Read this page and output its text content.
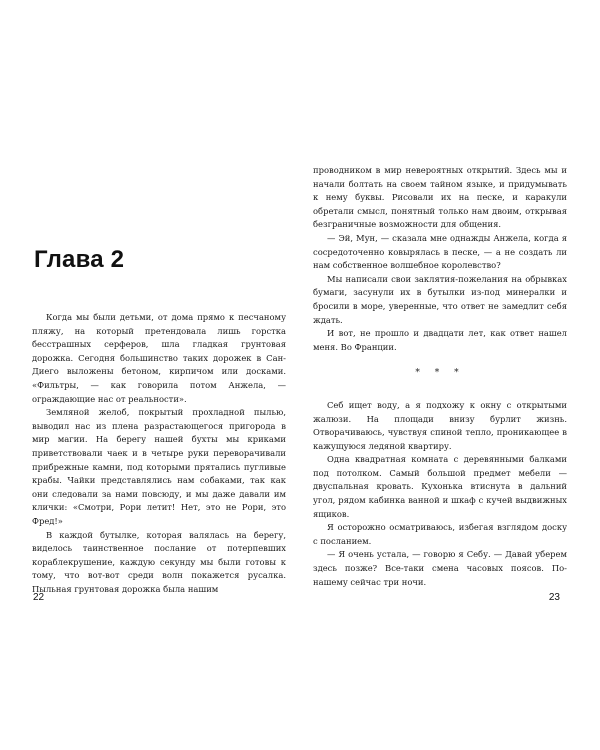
Глава 2

Когда мы были детьми, от дома прямо к песчаному пляжу, на который претендовала лишь горстка бесстрашных серферов, шла гладкая грунтовая дорожка. Сегодня большинство таких дорожек в Сан-Диего выложены бетоном, кирпичом или досками. «Фильтры, — как говорила потом Анжела, — ограждающие нас от реальности».

Земляной желоб, покрытый прохладной пылью, выводил нас из плена разрастающегося пригорода в мир магии. На берегу нашей бухты мы криками приветствовали чаек и в четыре руки переворачивали прибрежные камни, под которыми прятались пугливые крабы. Чайки представлялись нам собаками, так как они следовали за нами повсюду, и мы даже давали им клички: «Смотри, Рори летит! Нет, это не Рори, это Фред!»

В каждой бутылке, которая валялась на берегу, виделось таинственное послание от потерпевших кораблекрушение, каждую секунду мы были готовы к тому, что вот-вот среди волн покажется русалка. Пыльная грунтовая дорожка была нашим

22

проводником в мир невероятных открытий. Здесь мы и начали болтать на своем тайном языке, и придумывать к нему буквы. Рисовали их на песке, и каракули обретали смысл, понятный только нам двоим, открывая безграничные возможности для общения.

— Эй, Мун, — сказала мне однажды Анжела, когда я сосредоточенно ковырялась в песке, — а не создать ли нам собственное волшебное королевство?

Мы написали свои заклятия-пожелания на обрывках бумаги, засунули их в бутылки из-под минералки и бросили в море, уверенные, что ответ не замедлит себя ждать.

И вот, не прошло и двадцати лет, как ответ нашел меня. Во Франции.

* * *

Себ ищет воду, а я подхожу к окну с открытыми жалюзи. На площади внизу бурлит жизнь. Отворачиваюсь, чувствуя спиной тепло, проникающее в кажущуюся ледяной квартиру.

Одна квадратная комната с деревянными балками под потолком. Самый большой предмет мебели — двуспальная кровать. Кухонька втиснута в дальний угол, рядом кабинка ванной и шкаф с кучей выдвижных ящиков.

Я осторожно осматриваюсь, избегая взглядом доску с посланием.

— Я очень устала, — говорю я Себу. — Давай уберем здесь позже? Все-таки смена часовых поясов. По-нашему сейчас три ночи.

23
